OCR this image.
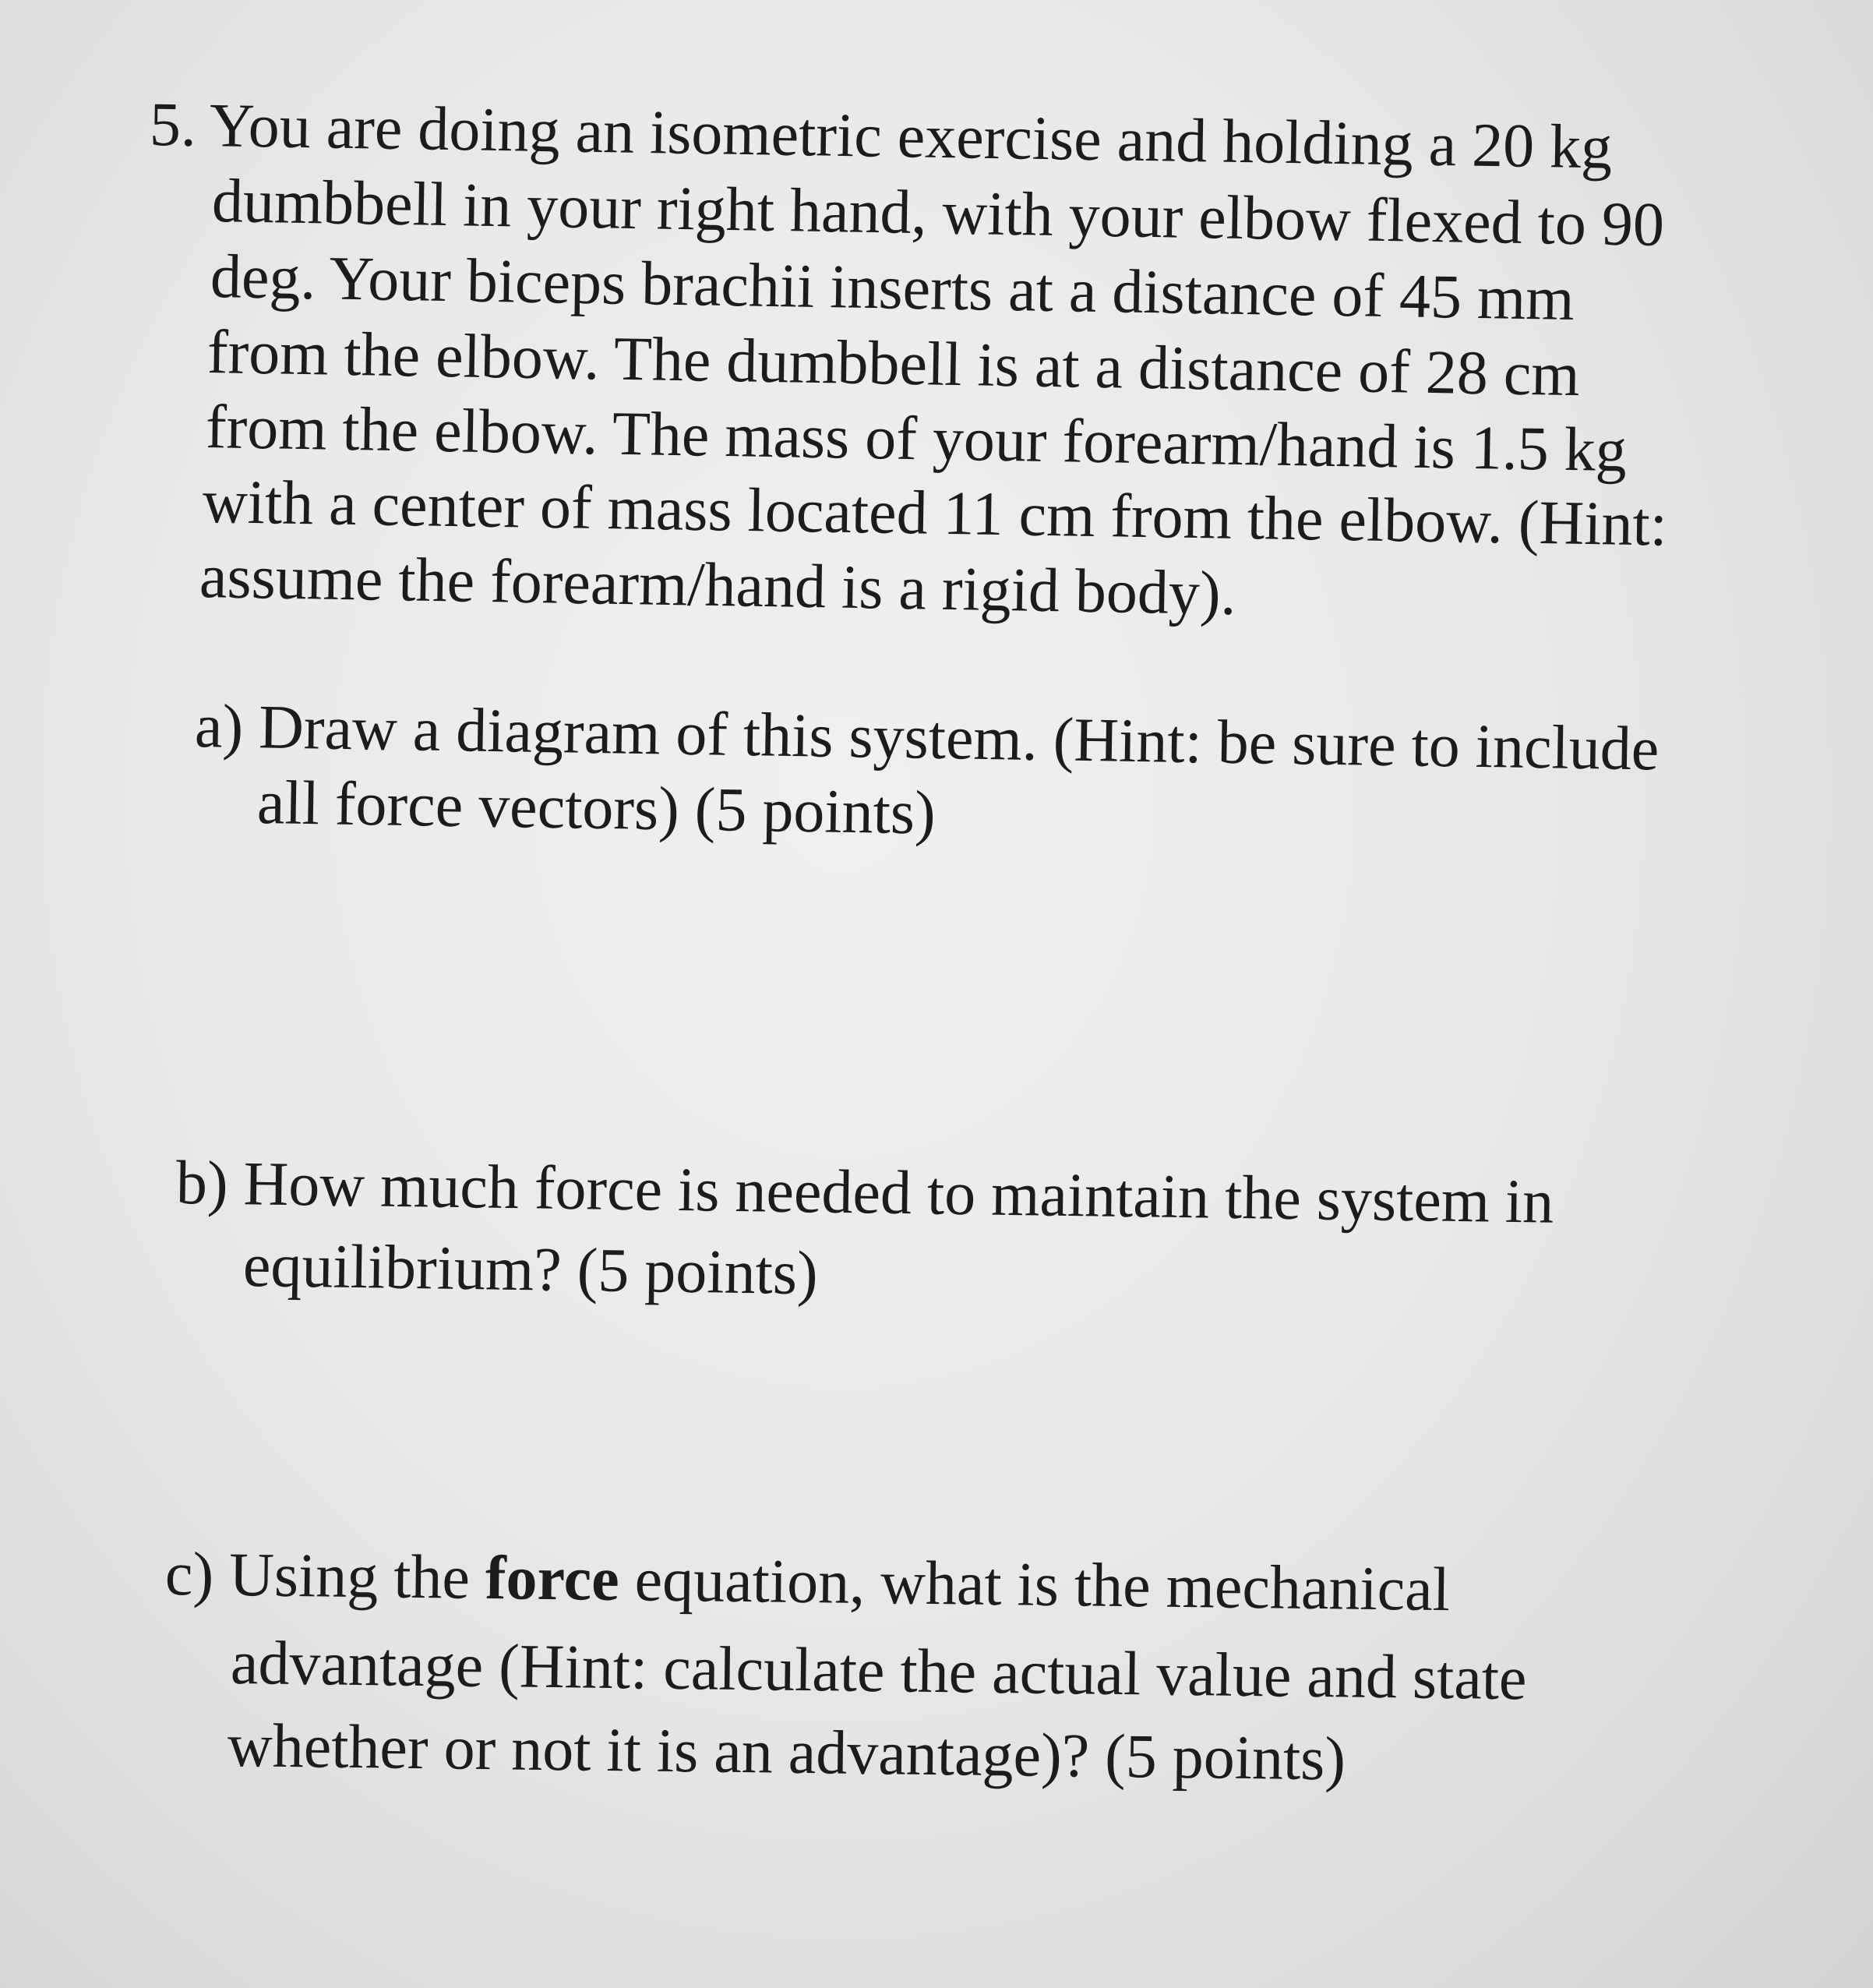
5. You are doing an isometric exercise and holding a 20 kg
dumbbell in your right hand, with your elbow flexed to 90
deg. Your biceps brachii inserts at a distance of 45 mm
from the elbow. The dumbbell is at a distance of 28 cm
from the elbow. The mass of your forearm/hand is 1.5 kg
with a center of mass located 11 cm from the elbow. (Hint:
assume the forearm/hand is a rigid body).
a) Draw a diagram of this system. (Hint: be sure to include
all force vectors) (5 points)
b) How much force is needed to maintain the system in
equilibrium? (5 points)
c) Using the force equation, what is the mechanical
advantage (Hint: calculate the actual value and state
whether or not it is an advantage)? (5 points)
